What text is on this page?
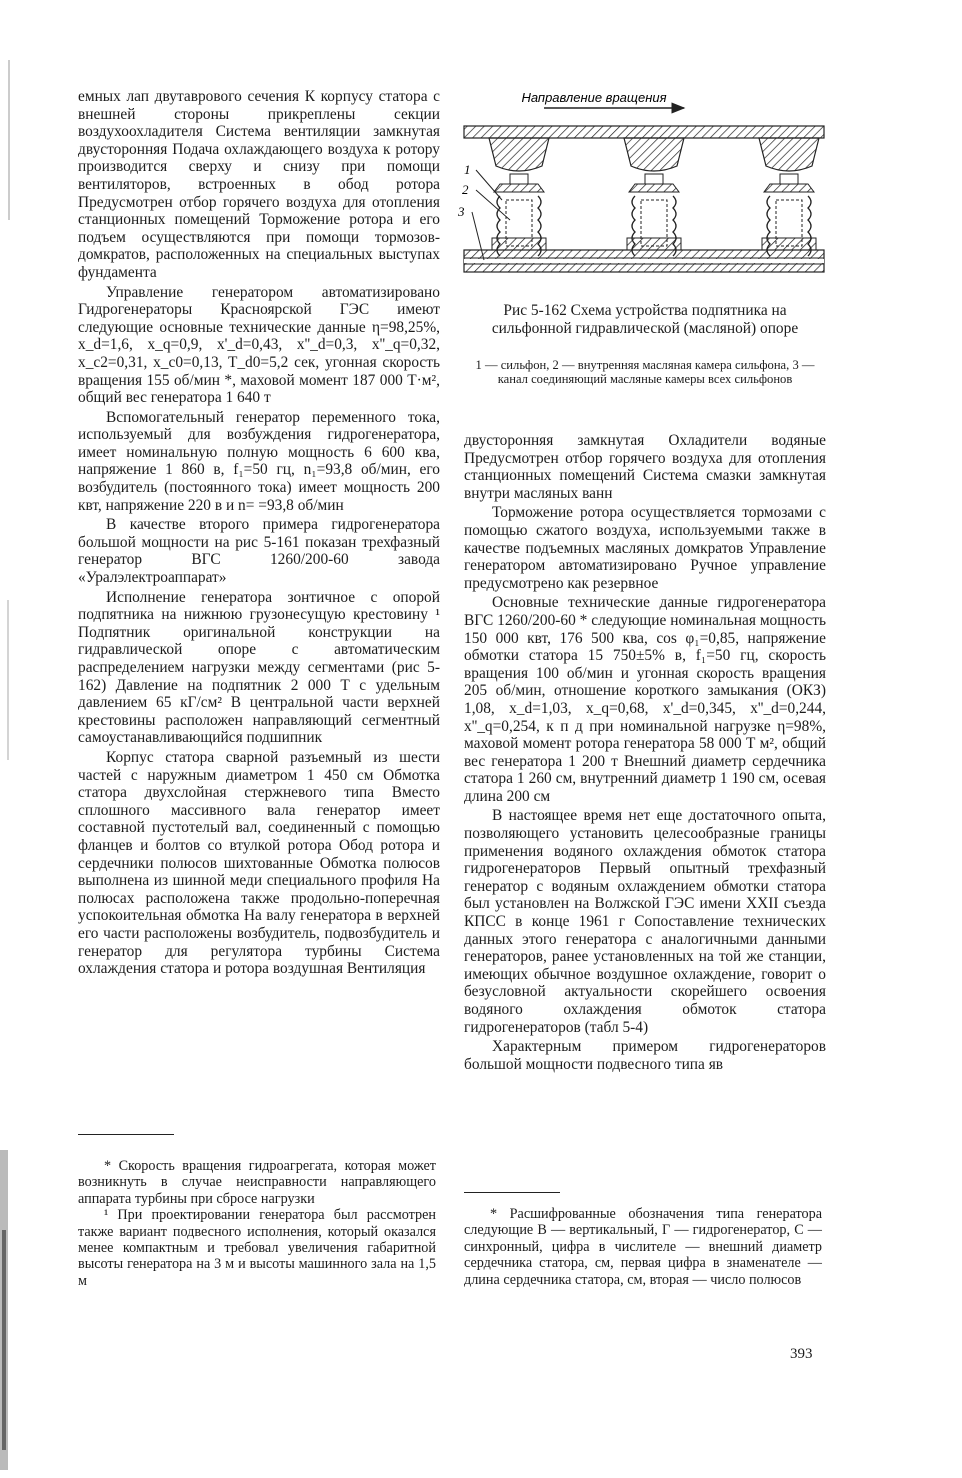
емных лап двутаврового сечения К корпусу статора с внешней стороны прикреплены секции воздухоохладителя Система вентиляции замкнутая двусторонняя Подача охлаждающего воздуха к ротору производится сверху и снизу при помощи вентиляторов, встроенных в обод ротора Предусмотрен отбор горячего воздуха для отопления станционных помещений Торможение ротора и его подъем осуществляются при помощи тормозов-домкратов, расположенных на специальных выступах фундамента

Управление генератором автоматизировано Гидрогенераторы Красноярской ГЭС имеют следующие основные технические данные η=98,25%, x_d=1,6, x_q=0,9, x'_d=0,43, x''_d=0,3, x''_q=0,32, x_c2=0,31, x_c0=0,13, T_d0=5,2 сек, угонная скорость вращения 155 об/мин *, маховой момент 187 000 Т·м², общий вес генератора 1 640 т

Вспомогательный генератор переменного тока, используемый для возбуждения гидрогенератора, имеет номинальную полную мощность 6 600 ква, напряжение 1 860 в, f₁=50 гц, n₁=93,8 об/мин, его возбудитель (постоянного тока) имеет мощность 200 квт, напряжение 220 в и n= =93,8 об/мин

В качестве второго примера гидрогенератора большой мощности на рис 5-161 показан трехфазный генератор ВГС 1260/200-60 завода «Уралэлектроаппарат»

Исполнение генератора зонтичное с опорой подпятника на нижнюю грузонесущую крестовину ¹ Подпятник оригинальной конструкции на гидравлической опоре с автоматическим распределением нагрузки между сегментами (рис 5-162) Давление на подпятник 2 000 Т с удельным давлением 65 кГ/см² В центральной части верхней крестовины расположен направляющий сегментный самоустанавливающийся подшипник

Корпус статора сварной разъемный из шести частей с наружным диаметром 1 450 см Обмотка статора двухслойная стержневого типа Вместо сплошного массивного вала генератор имеет составной пустотелый вал, соединенный с помощью фланцев и болтов со втулкой ротора Обод ротора и сердечники полюсов шихтованные Обмотка полюсов выполнена из шинной меди специального профиля На полюсах расположена также продольно-поперечная успокоительная обмотка На валу генератора в верхней его части расположены возбудитель, подвозбудитель и генератор для регулятора турбины Система охлаждения статора и ротора воздушная Вентиляция

* Скорость вращения гидроагрегата, которая может возникнуть в случае неисправности направляющего аппарата турбины при сбросе нагрузки

¹ При проектировании генератора был рассмотрен также вариант подвесного исполнения, который оказался менее компактным и требовал увеличения габаритной высоты генератора на 3 м и высоты машинного зала на 1,5 м

Направление вращения
1
2
3
Рис 5-162 Схема устройства подпятника на сильфонной гидравлической (масляной) опоре
1 — сильфон, 2 — внутренняя масляная камера сильфона, 3 — канал соединяющий масляные камеры всех сильфонов

двусторонняя замкнутая Охладители водяные Предусмотрен отбор горячего воздуха для отопления станционных помещений Система смазки замкнутая внутри масляных ванн

Торможение ротора осуществляется тормозами с помощью сжатого воздуха, используемыми также в качестве подъемных масляных домкратов Управление генератором автоматизировано Ручное управление предусмотрено как резервное

Основные технические данные гидрогенератора ВГС 1260/200-60 * следующие номинальная мощность 150 000 квт, 176 500 ква, cos φ₁=0,85, напряжение обмотки статора 15 750±5% в, f₁=50 гц, скорость вращения 100 об/мин и угонная скорость вращения 205 об/мин, отношение короткого замыкания (ОКЗ) 1,08, x_d=1,03, x_q=0,68, x'_d=0,345, x''_d=0,244, x''_q=0,254, к п д при номинальной нагрузке η=98%, маховой момент ротора генератора 58 000 Т м², общий вес генератора 1 200 т Внешний диаметр сердечника статора 1 260 см, внутренний диаметр 1 190 см, осевая длина 200 см

В настоящее время нет еще достаточного опыта, позволяющего установить целесообразные границы применения водяного охлаждения обмоток статора гидрогенераторов Первый опытный трехфазный генератор с водяным охлаждением обмотки статора был установлен на Волжской ГЭС имени XXII съезда КПСС в конце 1961 г Сопоставление технических данных этого генератора с аналогичными данными генераторов, ранее установленных на той же станции, имеющих обычное воздушное охлаждение, говорит о безусловной актуальности скорейшего освоения водяного охлаждения обмоток статора гидрогенераторов (табл 5-4)

Характерным примером гидрогенераторов большой мощности подвесного типа яв

* Расшифрованные обозначения типа генератора следующие В — вертикальный, Г — гидрогенератор, С — синхронный, цифра в числителе — внешний диаметр сердечника статора, см, первая цифра в знаменателе — длина сердечника статора, см, вторая — число полюсов

393
